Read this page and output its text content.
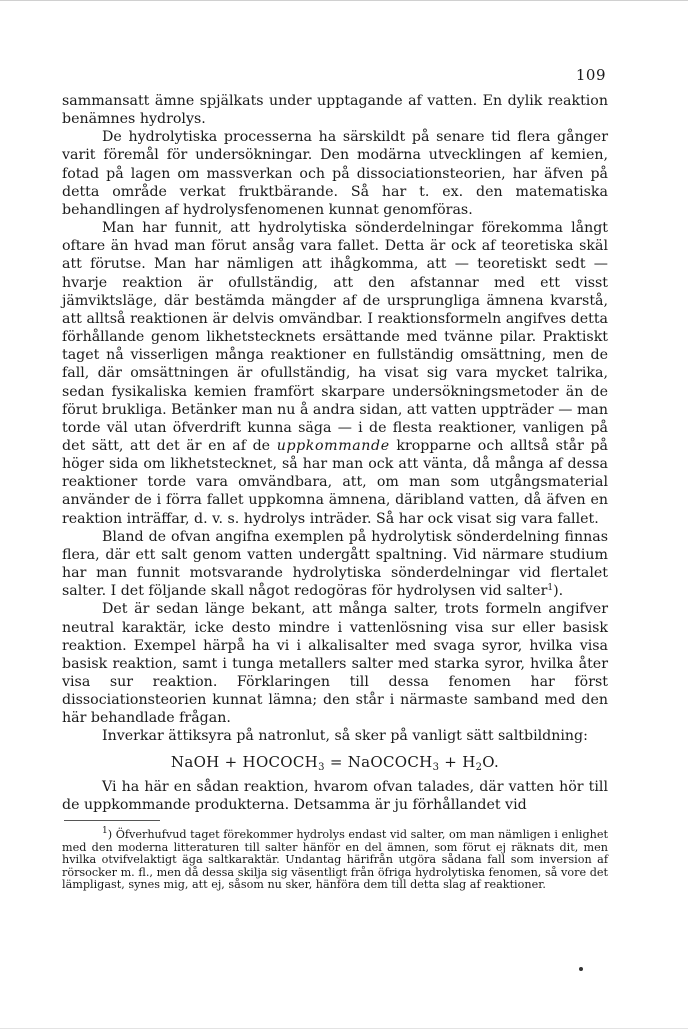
109

sammansatt ämne spjälkats under upptagande af vatten. En dylik reaktion benämnes hydrolys.

De hydrolytiska processerna ha särskildt på senare tid flera gånger varit föremål för undersökningar. Den modärna utvecklingen af kemien, fotad på lagen om massverkan och på dissociationsteorien, har äfven på detta område verkat fruktbärande. Så har t. ex. den matematiska behandlingen af hydrolysfenomenen kunnat genomföras.

Man har funnit, att hydrolytiska sönderdelningar förekomma långt oftare än hvad man förut ansåg vara fallet. Detta är ock af teoretiska skäl att förutse. Man har nämligen att ihågkomma, att — teoretiskt sedt — hvarje reaktion är ofullständig, att den afstannar med ett visst jämviktsläge, där bestämda mängder af de ursprungliga ämnena kvarstå, att alltså reaktionen är delvis omvändbar. I reaktionsformeln angifves detta förhållande genom likhetstecknets ersättande med tvänne pilar. Praktiskt taget nå visserligen många reaktioner en fullständig omsättning, men de fall, där omsättningen är ofullständig, ha visat sig vara mycket talrika, sedan fysikaliska kemien framfört skarpare undersökningsmetoder än de förut brukliga. Betänker man nu å andra sidan, att vatten uppträder — man torde väl utan öfverdrift kunna säga — i de flesta reaktioner, vanligen på det sätt, att det är en af de uppkommande kropparne och alltså står på höger sida om likhetstecknet, så har man ock att vänta, då många af dessa reaktioner torde vara omvändbara, att, om man som utgångsmaterial använder de i förra fallet uppkomna ämnena, däribland vatten, då äfven en reaktion inträffar, d. v. s. hydrolys inträder. Så har ock visat sig vara fallet.

Bland de ofvan angifna exemplen på hydrolytisk sönderdelning finnas flera, där ett salt genom vatten undergått spaltning. Vid närmare studium har man funnit motsvarande hydrolytiska sönderdelningar vid flertalet salter. I det följande skall något redogöras för hydrolysen vid salter$^1$).

Det är sedan länge bekant, att många salter, trots formeln angifver neutral karaktär, icke desto mindre i vattenlösning visa sur eller basisk reaktion. Exempel härpå ha vi i alkalisalter med svaga syror, hvilka visa basisk reaktion, samt i tunga metallers salter med starka syror, hvilka åter visa sur reaktion. Förklaringen till dessa fenomen har först dissociationsteorien kunnat lämna; den står i närmaste samband med den här behandlade frågan.

Inverkar ättiksyra på natronlut, så sker på vanligt sätt saltbildning:

NaOH + $HOCOCH_3$ = NaOCOCH$_3$ + $H_2O$.

Vi ha här en sådan reaktion, hvarom ofvan talades, där vatten hör till de uppkommande produkterna. Detsamma är ju förhållandet vid

$^1$) Öfverhufvud taget förekommer hydrolys endast vid salter, om man nämligen i enlighet med den moderna litteraturen till salter hänför en del ämnen, som förut ej räknats dit, men hvilka otvifvelaktigt äga saltkaraktär. Undantag härifrån utgöra sådana fall som inversion af rörsocker m. fl., men då dessa skilja sig väsentligt från öfriga hydrolytiska fenomen, så vore det lämpligast, synes mig, att ej, såsom nu sker, hänföra dem till detta slag af reaktioner.
